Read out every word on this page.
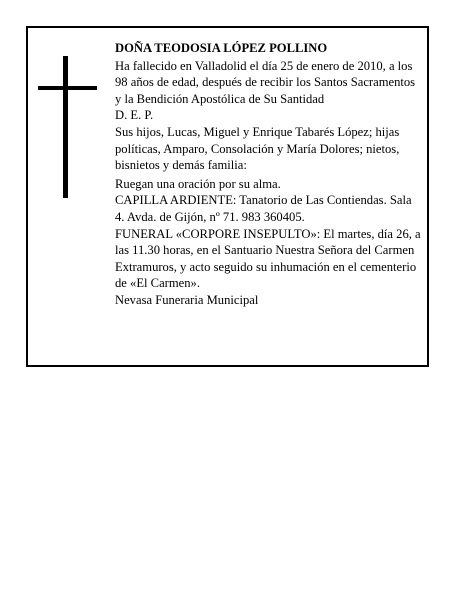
DOÑA TEODOSIA LÓPEZ POLLINO

Ha fallecido en Valladolid el día 25 de enero de 2010, a los 98 años de edad, después de recibir los Santos Sacramentos y la Bendición Apostólica de Su Santidad

D. E. P.

Sus hijos, Lucas, Miguel y Enrique Tabarés López; hijas políticas, Amparo, Consolación y María Dolores; nietos, bisnietos y demás familia:

Ruegan una oración por su alma.

CAPILLA ARDIENTE: Tanatorio de Las Contiendas. Sala 4. Avda. de Gijón, nº 71. 983 360405.

FUNERAL «CORPORE INSEPULTO»: El martes, día 26, a las 11.30 horas, en el Santuario Nuestra Señora del Carmen Extramuros, y acto seguido su inhumación en el cementerio de «El Carmen».

Nevasa Funeraria Municipal
